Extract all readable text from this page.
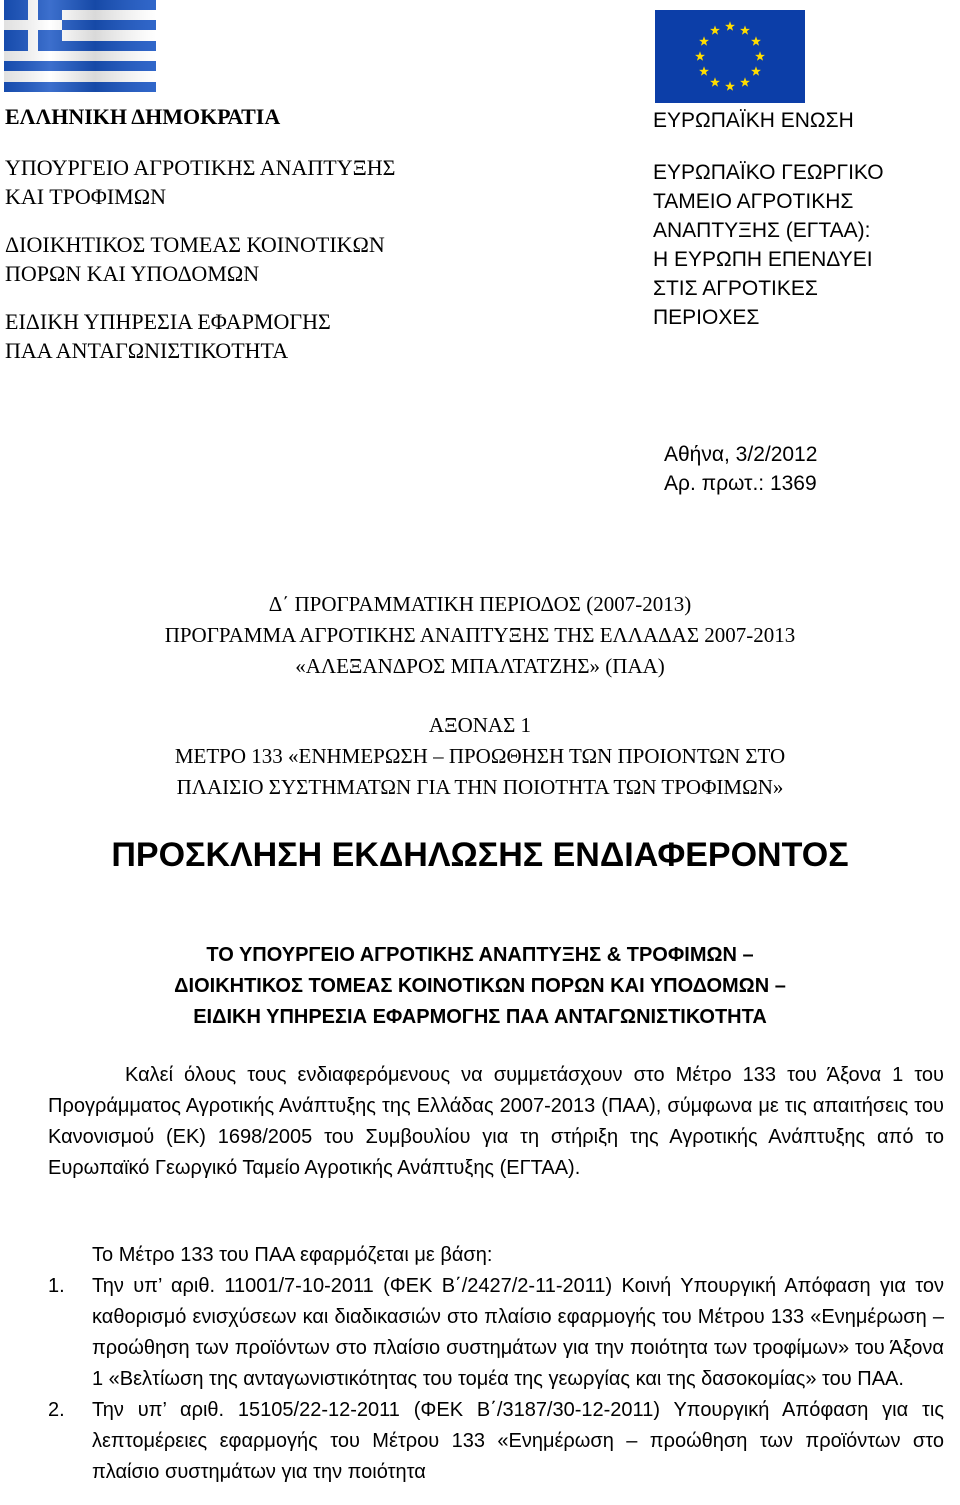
ΕΛΛΗΝΙΚΗ ΔΗΜΟΚΡΑΤΙΑ

ΥΠΟΥΡΓΕΙΟ ΑΓΡΟΤΙΚΗΣ ΑΝΑΠΤΥΞΗΣ

ΚΑΙ ΤΡΟΦΙΜΩΝ

ΔΙΟΙΚΗΤΙΚΟΣ ΤΟΜΕΑΣ ΚΟΙΝΟΤΙΚΩΝ

ΠΟΡΩΝ ΚΑΙ ΥΠΟΔΟΜΩΝ

ΕΙΔΙΚΗ ΥΠΗΡΕΣΙΑ ΕΦΑΡΜΟΓΗΣ

ΠΑΑ ΑΝΤΑΓΩΝΙΣΤΙΚΟΤΗΤΑ

ΕΥΡΩΠΑΪΚΗ ΕΝΩΣΗ

ΕΥΡΩΠΑΪΚΟ ΓΕΩΡΓΙΚΟ

ΤΑΜΕΙΟ ΑΓΡΟΤΙΚΗΣ

ΑΝΑΠΤΥΞΗΣ (ΕΓΤΑΑ):

Η ΕΥΡΩΠΗ ΕΠΕΝΔΥΕΙ

ΣΤΙΣ ΑΓΡΟΤΙΚΕΣ

ΠΕΡΙΟΧΕΣ

Αθήνα, 3/2/2012

Αρ. πρωτ.: 1369

Δ΄ ΠΡΟΓΡΑΜΜΑΤΙΚΗ ΠΕΡΙΟΔΟΣ (2007-2013)

ΠΡΟΓΡΑΜΜΑ ΑΓΡΟΤΙΚΗΣ ΑΝΑΠΤΥΞΗΣ ΤΗΣ ΕΛΛΑΔΑΣ 2007-2013

«ΑΛΕΞΑΝΔΡΟΣ ΜΠΑΛΤΑΤΖΗΣ» (ΠΑΑ)

ΑΞΟΝΑΣ 1

ΜΕΤΡΟ 133 «ΕΝΗΜΕΡΩΣΗ – ΠΡΟΩΘΗΣΗ ΤΩΝ ΠΡΟΙΟΝΤΩΝ ΣΤΟ

ΠΛΑΙΣΙΟ ΣΥΣΤΗΜΑΤΩΝ ΓΙΑ ΤΗΝ ΠΟΙΟΤΗΤΑ ΤΩΝ ΤΡΟΦΙΜΩΝ»

ΠΡΟΣΚΛΗΣΗ ΕΚΔΗΛΩΣΗΣ ΕΝΔΙΑΦΕΡΟΝΤΟΣ

ΤΟ ΥΠΟΥΡΓΕΙΟ ΑΓΡΟΤΙΚΗΣ ΑΝΑΠΤΥΞΗΣ & ΤΡΟΦΙΜΩΝ –

ΔΙΟΙΚΗΤΙΚΟΣ ΤΟΜΕΑΣ ΚΟΙΝΟΤΙΚΩΝ ΠΟΡΩΝ ΚΑΙ ΥΠΟΔΟΜΩΝ –

ΕΙΔΙΚΗ ΥΠΗΡΕΣΙΑ ΕΦΑΡΜΟΓΗΣ ΠΑΑ ΑΝΤΑΓΩΝΙΣΤΙΚΟΤΗΤΑ

Καλεί όλους τους ενδιαφερόμενους να συμμετάσχουν στο Μέτρο 133 του Άξονα 1 του Προγράμματος Αγροτικής Ανάπτυξης της Ελλάδας 2007-2013 (ΠΑΑ), σύμφωνα με τις απαιτήσεις του Κανονισμού (ΕΚ) 1698/2005 του Συμβουλίου για τη στήριξη της Αγροτικής Ανάπτυξης από το Ευρωπαϊκό Γεωργικό Ταμείο Αγροτικής Ανάπτυξης (ΕΓΤΑΑ).

Το Μέτρο 133 του ΠΑΑ εφαρμόζεται με βάση:

1. Την υπ’ αριθ. 11001/7-10-2011 (ΦΕΚ Β΄/2427/2-11-2011) Κοινή Υπουργική Απόφαση για τον καθορισμό ενισχύσεων και διαδικασιών στο πλαίσιο εφαρμογής του Μέτρου 133 «Ενημέρωση – προώθηση των προϊόντων στο πλαίσιο συστημάτων για την ποιότητα των τροφίμων» του Άξονα 1 «Βελτίωση της ανταγωνιστικότητας του τομέα της γεωργίας και της δασοκομίας» του ΠΑΑ.
2. Την υπ’ αριθ. 15105/22-12-2011 (ΦΕΚ Β΄/3187/30-12-2011) Υπουργική Απόφαση για τις λεπτομέρειες εφαρμογής του Μέτρου 133 «Ενημέρωση – προώθηση των προϊόντων στο πλαίσιο συστημάτων για την ποιότητα
